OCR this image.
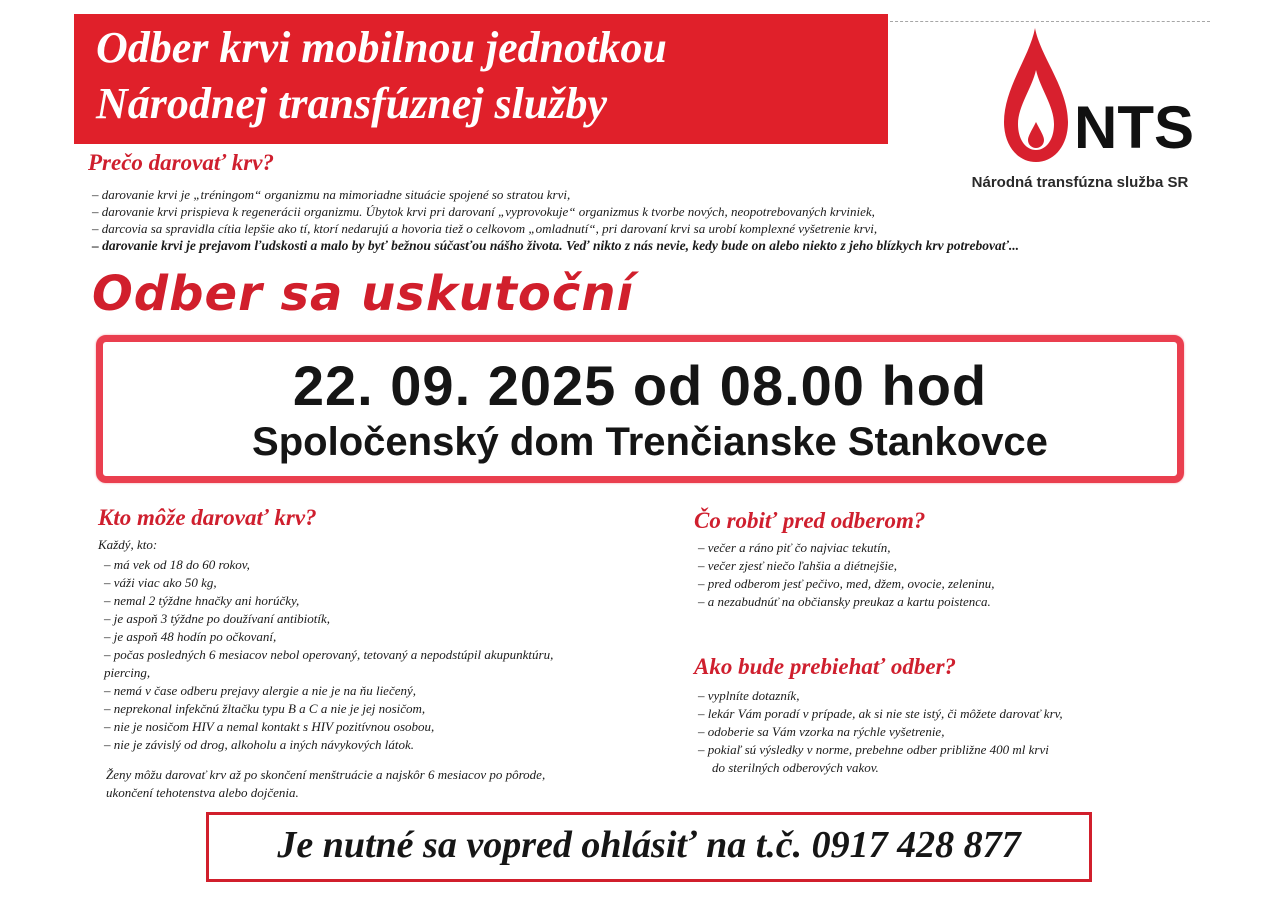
Odber krvi mobilnou jednotkou
Národnej transfúznej služby	NTS
Národná transfúzna služba SR
Prečo darovať krv?
– darovanie krvi je „tréningom“ organizmu na mimoriadne situácie spojené so stratou krvi,
– darovanie krvi prispieva k regenerácii organizmu. Úbytok krvi pri darovaní „vyprovokuje“ organizmus k tvorbe nových, neopotrebovaných krviniek,
– darcovia sa spravidla cítia lepšie ako tí, ktorí nedarujú a hovoria tiež o celkovom „omladnutí“, pri darovaní krvi sa urobí komplexné vyšetrenie krvi,
– darovanie krvi je prejavom ľudskosti a malo by byť bežnou súčasťou nášho života. Veď nikto z nás nevie, kedy bude on alebo niekto z jeho blízkych krv potrebovať...
Odber sa uskutoční
22. 09. 2025 od 08.00 hod
Spoločenský dom Trenčianske Stankovce
Kto môže darovať krv?
Každý, kto:
– má vek od 18 do 60 rokov,
– váži viac ako 50 kg,
– nemal 2 týždne hnačky ani horúčky,
– je aspoň 3 týždne po doužívaní antibiotík,
– je aspoň 48 hodín po očkovaní,
– počas posledných 6 mesiacov nebol operovaný, tetovaný a nepodstúpil akupunktúru, piercing,
– nemá v čase odberu prejavy alergie a nie je na ňu liečený,
– neprekonal infekčnú žltačku typu B a C a nie je jej nosičom,
– nie je nosičom HIV a nemal kontakt s HIV pozitívnou osobou,
– nie je závislý od drog, alkoholu a iných návykových látok.
Ženy môžu darovať krv až po skončení menštruácie a najskôr 6 mesiacov po pôrode, ukončení tehotenstva alebo dojčenia.
Čo robiť pred odberom?
– večer a ráno piť čo najviac tekutín,
– večer zjesť niečo ľahšia a diétnejšie,
– pred odberom jesť pečivo, med, džem, ovocie, zeleninu,
– a nezabudnúť na občiansky preukaz a kartu poistenca.
Ako bude prebiehať odber?
– vyplníte dotazník,
– lekár Vám poradí v prípade, ak si nie ste istý, či môžete darovať krv,
– odoberie sa Vám vzorka na rýchle vyšetrenie,
– pokiaľ sú výsledky v norme, prebehne odber približne 400 ml krvi
do sterilných odberových vakov.
Je nutné sa vopred ohlásiť na t.č. 0917 428 877
